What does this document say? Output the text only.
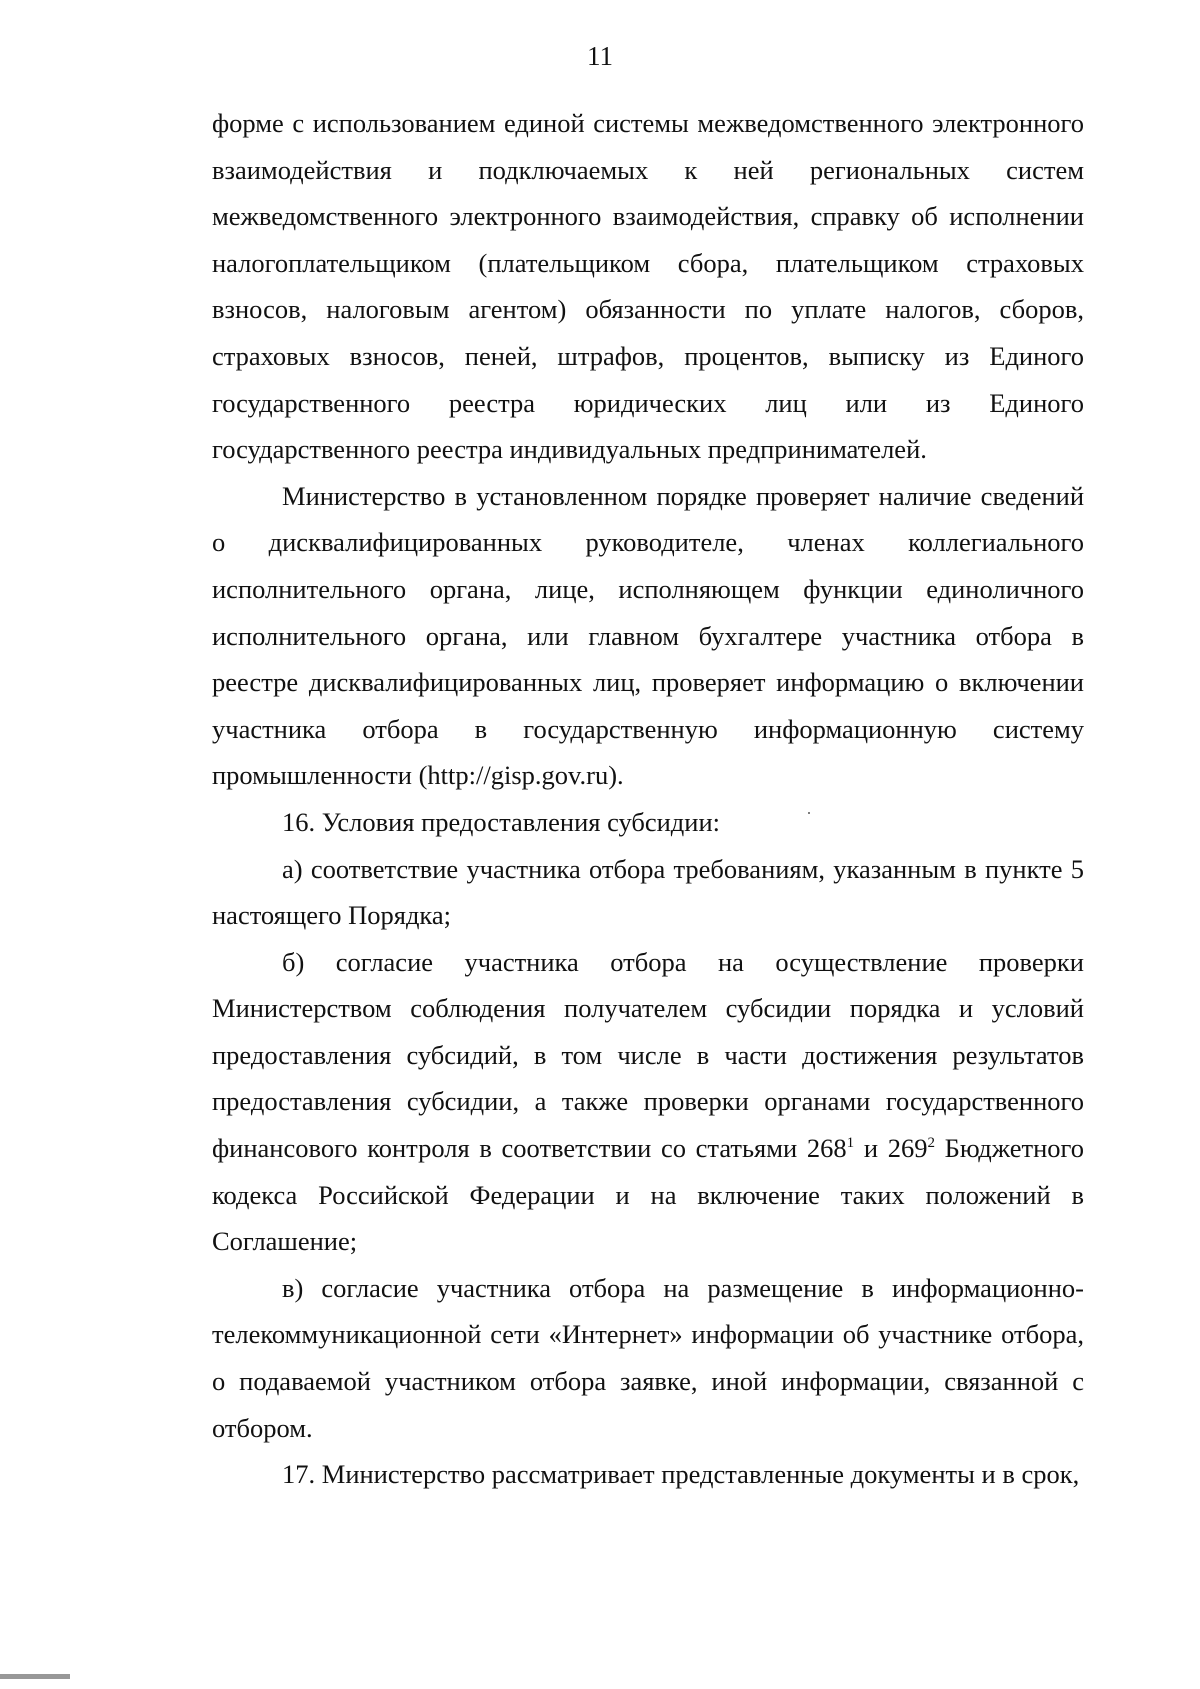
11

форме с использованием единой системы межведомственного электронного взаимодействия и подключаемых к ней региональных систем межведомственного электронного взаимодействия, справку об исполнении налогоплательщиком (плательщиком сбора, плательщиком страховых взносов, налоговым агентом) обязанности по уплате налогов, сборов, страховых взносов, пеней, штрафов, процентов, выписку из Единого государственного реестра юридических лиц или из Единого государственного реестра индивидуальных предпринимателей.

Министерство в установленном порядке проверяет наличие сведений о дисквалифицированных руководителе, членах коллегиального исполнительного органа, лице, исполняющем функции единоличного исполнительного органа, или главном бухгалтере участника отбора в реестре дисквалифицированных лиц, проверяет информацию о включении участника отбора в государственную информационную систему промышленности (http://gisp.gov.ru).

16. Условия предоставления субсидии:

а) соответствие участника отбора требованиям, указанным в пункте 5 настоящего Порядка;

б) согласие участника отбора на осуществление проверки Министерством соблюдения получателем субсидии порядка и условий предоставления субсидий, в том числе в части достижения результатов предоставления субсидии, а также проверки органами государственного финансового контроля в соответствии со статьями $268^1$ и $269^2$ Бюджетного кодекса Российской Федерации и на включение таких положений в Соглашение;

в) согласие участника отбора на размещение в информационно-телекоммуникационной сети «Интернет» информации об участнике отбора, о подаваемой участником отбора заявке, иной информации, связанной с отбором.

17. Министерство рассматривает представленные документы и в срок,
